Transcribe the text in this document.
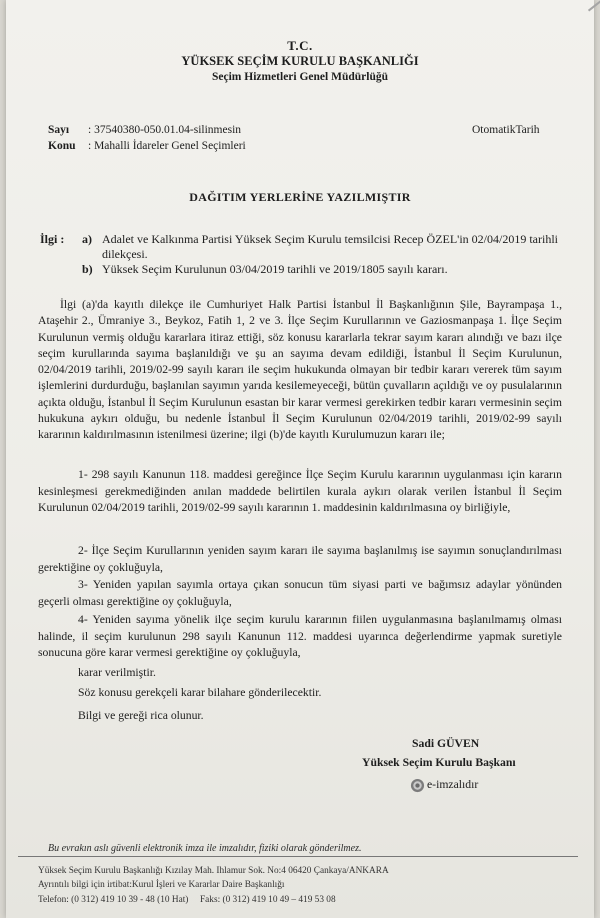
T.C.
YÜKSEK SEÇİM KURULU BAŞKANLIĞI
Seçim Hizmetleri Genel Müdürlüğü
Sayı : 37540380-050.01.04-silinmesin
Konu : Mahalli İdareler Genel Seçimleri
OtomatikTarih
DAĞITIM YERLERİNE YAZILMIŞTIR
İlgi :	a) Adalet ve Kalkınma Partisi Yüksek Seçim Kurulu temsilcisi Recep ÖZEL'in 02/04/2019 tarihli dilekçesi.
b) Yüksek Seçim Kurulunun 03/04/2019 tarihli ve 2019/1805 sayılı kararı.
İlgi (a)'da kayıtlı dilekçe ile Cumhuriyet Halk Partisi İstanbul İl Başkanlığının Şile, Bayrampaşa 1., Ataşehir 2., Ümraniye 3., Beykoz, Fatih 1, 2 ve 3. İlçe Seçim Kurullarının ve Gaziosmanpaşa 1. İlçe Seçim Kurulunun vermiş olduğu kararlara itiraz ettiği, söz konusu kararlarla tekrar sayım kararı alındığı ve bazı ilçe seçim kurullarında sayıma başlanıldığı ve şu an sayıma devam edildiği, İstanbul İl Seçim Kurulunun, 02/04/2019 tarihli, 2019/02-99 sayılı kararı ile seçim hukukunda olmayan bir tedbir kararı vererek tüm sayım işlemlerini durdurduğu, başlanılan sayımın yarıda kesilemeyeceği, bütün çuvalların açıldığı ve oy pusulalarının açıkta olduğu, İstanbul İl Seçim Kurulunun esastan bir karar vermesi gerekirken tedbir kararı vermesinin seçim hukukuna aykırı olduğu, bu nedenle İstanbul İl Seçim Kurulunun 02/04/2019 tarihli, 2019/02-99 sayılı kararının kaldırılmasının istenilmesi üzerine; ilgi (b)'de kayıtlı Kurulumuzun kararı ile;
1- 298 sayılı Kanunun 118. maddesi gereğince İlçe Seçim Kurulu kararının uygulanması için kararın kesinleşmesi gerekmediğinden anılan maddede belirtilen kurala aykırı olarak verilen İstanbul İl Seçim Kurulunun 02/04/2019 tarihli, 2019/02-99 sayılı kararının 1. maddesinin kaldırılmasına oy birliğiyle,
2- İlçe Seçim Kurullarının yeniden sayım kararı ile sayıma başlanılmış ise sayımın sonuçlandırılması gerektiğine oy çokluğuyla,
3- Yeniden yapılan sayımla ortaya çıkan sonucun tüm siyasi parti ve bağımsız adaylar yönünden geçerli olması gerektiğine oy çokluğuyla,
4- Yeniden sayıma yönelik ilçe seçim kurulu kararının fiilen uygulanmasına başlanılmamış olması halinde, il seçim kurulunun 298 sayılı Kanunun 112. maddesi uyarınca değerlendirme yapmak suretiyle sonucuna göre karar vermesi gerektiğine oy çokluğuyla,
karar verilmiştir.
Söz konusu gerekçeli karar bilahare gönderilecektir.
Bilgi ve gereği rica olunur.
Sadi GÜVEN
Yüksek Seçim Kurulu Başkanı
e-imzalıdır
Bu evrakın aslı güvenli elektronik imza ile imzalıdır, fiziki olarak gönderilmez.
Yüksek Seçim Kurulu Başkanlığı Kızılay Mah. Ihlamur Sok. No:4 06420 Çankaya/ANKARA
Ayrıntılı bilgi için irtibat:Kurul İşleri ve Kararlar Daire Başkanlığı
Telefon: (0 312) 419 10 39 - 48 (10 Hat)     Faks: (0 312) 419 10 49 – 419 53 08
